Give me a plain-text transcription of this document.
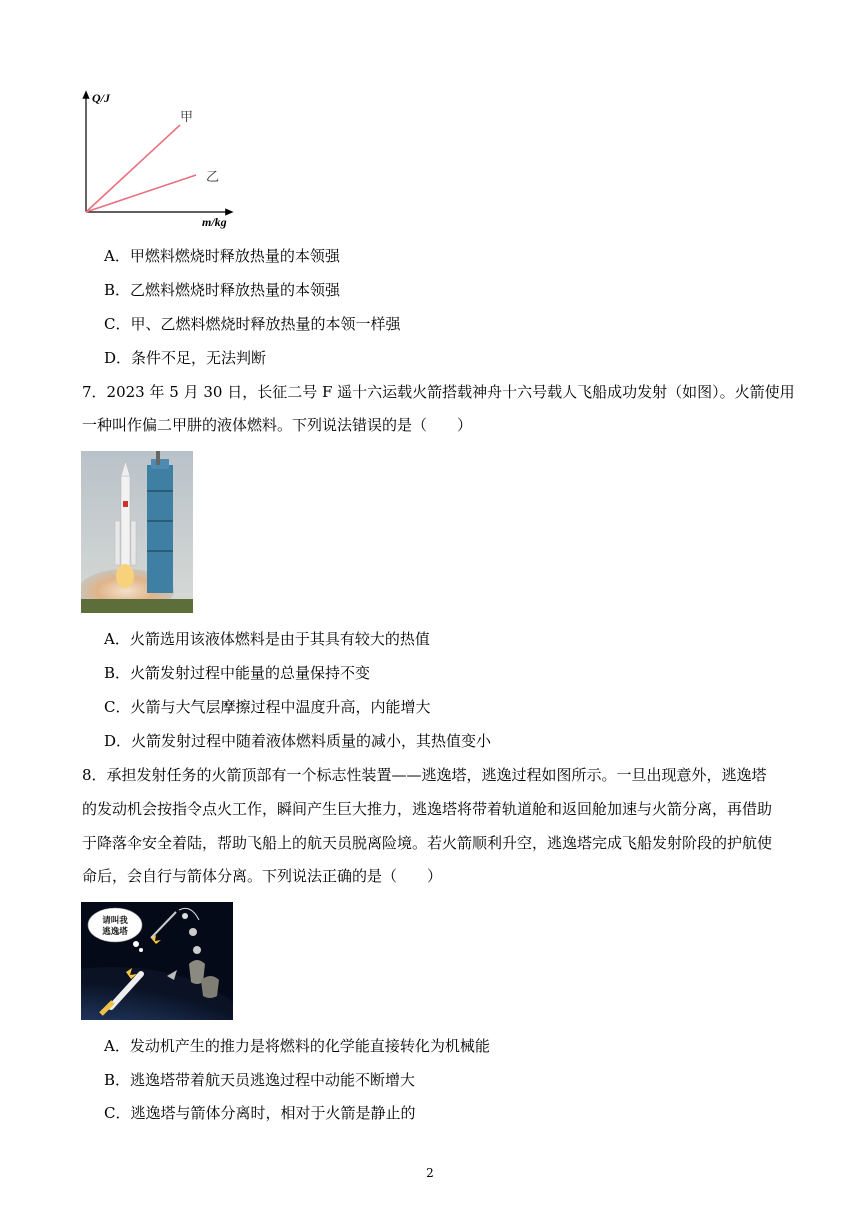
Q/J
m/kg
甲
乙
A．甲燃料燃烧时释放热量的本领强
B．乙燃料燃烧时释放热量的本领强
C．甲、乙燃料燃烧时释放热量的本领一样强
D．条件不足，无法判断
7．2023 年 5 月 30 日，长征二号 F 遥十六运载火箭搭载神舟十六号载人飞船成功发射（如图）。火箭使用
一种叫作偏二甲肼的液体燃料。下列说法错误的是（　　）
A．火箭选用该液体燃料是由于其具有较大的热值
B．火箭发射过程中能量的总量保持不变
C．火箭与大气层摩擦过程中温度升高，内能增大
D．火箭发射过程中随着液体燃料质量的减小，其热值变小
8．承担发射任务的火箭顶部有一个标志性装置——逃逸塔，逃逸过程如图所示。一旦出现意外，逃逸塔
的发动机会按指令点火工作，瞬间产生巨大推力，逃逸塔将带着轨道舱和返回舱加速与火箭分离，再借助
于降落伞安全着陆，帮助飞船上的航天员脱离险境。若火箭顺利升空，逃逸塔完成飞船发射阶段的护航使
命后，会自行与箭体分离。下列说法正确的是（　　）
请叫我
逃逸塔
A．发动机产生的推力是将燃料的化学能直接转化为机械能
B．逃逸塔带着航天员逃逸过程中动能不断增大
C．逃逸塔与箭体分离时，相对于火箭是静止的
2
